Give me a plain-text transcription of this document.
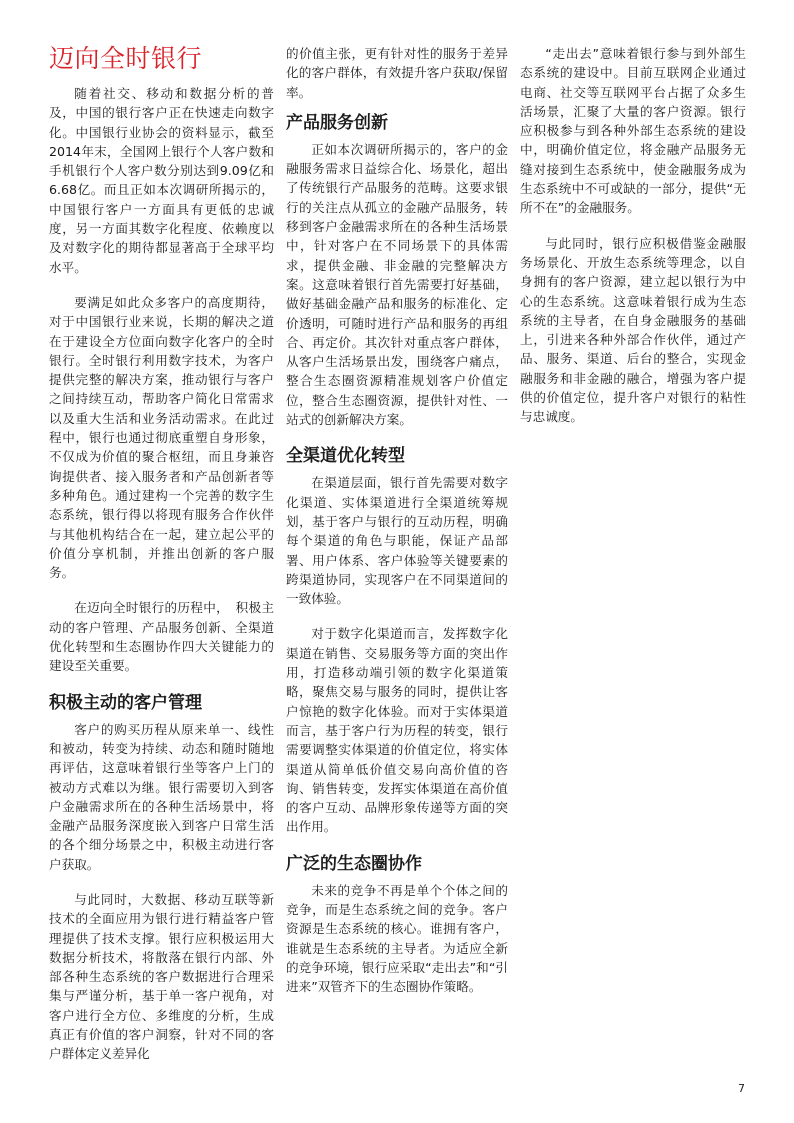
迈向全时银行

随着社交、移动和数据分析的普及，中国的银行客户正在快速走向数字化。中国银行业协会的资料显示，截至2014年末，全国网上银行个人客户数和手机银行个人客户数分别达到9.09亿和6.68亿。而且正如本次调研所揭示的，中国银行客户一方面具有更低的忠诚度，另一方面其数字化程度、依赖度以及对数字化的期待都显著高于全球平均水平。

要满足如此众多客户的高度期待，对于中国银行业来说，长期的解决之道在于建设全方位面向数字化客户的全时银行。全时银行利用数字技术，为客户提供完整的解决方案，推动银行与客户之间持续互动，帮助客户简化日常需求以及重大生活和业务活动需求。在此过程中，银行也通过彻底重塑自身形象，不仅成为价值的聚合枢纽，而且身兼咨询提供者、接入服务者和产品创新者等多种角色。通过建构一个完善的数字生态系统，银行得以将现有服务合作伙伴与其他机构结合在一起，建立起公平的价值分享机制，并推出创新的客户服务。

在迈向全时银行的历程中，　积极主动的客户管理、产品服务创新、全渠道优化转型和生态圈协作四大关键能力的建设至关重要。

积极主动的客户管理

客户的购买历程从原来单一、线性和被动，转变为持续、动态和随时随地再评估，这意味着银行坐等客户上门的被动方式难以为继。银行需要切入到客户金融需求所在的各种生活场景中，将金融产品服务深度嵌入到客户日常生活的各个细分场景之中，积极主动进行客户获取。

与此同时，大数据、移动互联等新技术的全面应用为银行进行精益客户管理提供了技术支撑。银行应积极运用大数据分析技术，将散落在银行内部、外部各种生态系统的客户数据进行合理采集与严谨分析，基于单一客户视角，对客户进行全方位、多维度的分析，生成真正有价值的客户洞察，针对不同的客户群体定义差异化

的价值主张，更有针对性的服务于差异化的客户群体，有效提升客户获取/保留率。

产品服务创新

正如本次调研所揭示的，客户的金融服务需求日益综合化、场景化，超出了传统银行产品服务的范畴。这要求银行的关注点从孤立的金融产品服务，转移到客户金融需求所在的各种生活场景中，针对客户在不同场景下的具体需求，提供金融、非金融的完整解决方案。这意味着银行首先需要打好基础，做好基础金融产品和服务的标准化、定价透明，可随时进行产品和服务的再组合、再定价。其次针对重点客户群体，从客户生活场景出发，围绕客户痛点，整合生态圈资源精准规划客户价值定位，整合生态圈资源，提供针对性、一站式的创新解决方案。

全渠道优化转型

在渠道层面，银行首先需要对数字化渠道、实体渠道进行全渠道统筹规划，基于客户与银行的互动历程，明确每个渠道的角色与职能，保证产品部署、用户体系、客户体验等关键要素的跨渠道协同，实现客户在不同渠道间的一致体验。

对于数字化渠道而言，发挥数字化渠道在销售、交易服务等方面的突出作用，打造移动端引领的数字化渠道策略，聚焦交易与服务的同时，提供让客户惊艳的数字化体验。而对于实体渠道而言，基于客户行为历程的转变，银行需要调整实体渠道的价值定位，将实体渠道从简单低价值交易向高价值的咨询、销售转变，发挥实体渠道在高价值的客户互动、品牌形象传递等方面的突出作用。

广泛的生态圈协作

未来的竞争不再是单个个体之间的竞争，而是生态系统之间的竞争。客户资源是生态系统的核心。谁拥有客户，谁就是生态系统的主导者。为适应全新的竞争环境，银行应采取“走出去”和“引进来”双管齐下的生态圈协作策略。

“走出去”意味着银行参与到外部生态系统的建设中。目前互联网企业通过电商、社交等互联网平台占据了众多生活场景，汇聚了大量的客户资源。银行应积极参与到各种外部生态系统的建设中，明确价值定位，将金融产品服务无缝对接到生态系统中，使金融服务成为生态系统中不可或缺的一部分，提供“无所不在”的金融服务。

与此同时，银行应积极借鉴金融服务场景化、开放生态系统等理念，以自身拥有的客户资源，建立起以银行为中心的生态系统。这意味着银行成为生态系统的主导者，在自身金融服务的基础上，引进来各种外部合作伙伴，通过产品、服务、渠道、后台的整合，实现金融服务和非金融的融合，增强为客户提供的价值定位，提升客户对银行的粘性与忠诚度。

7
